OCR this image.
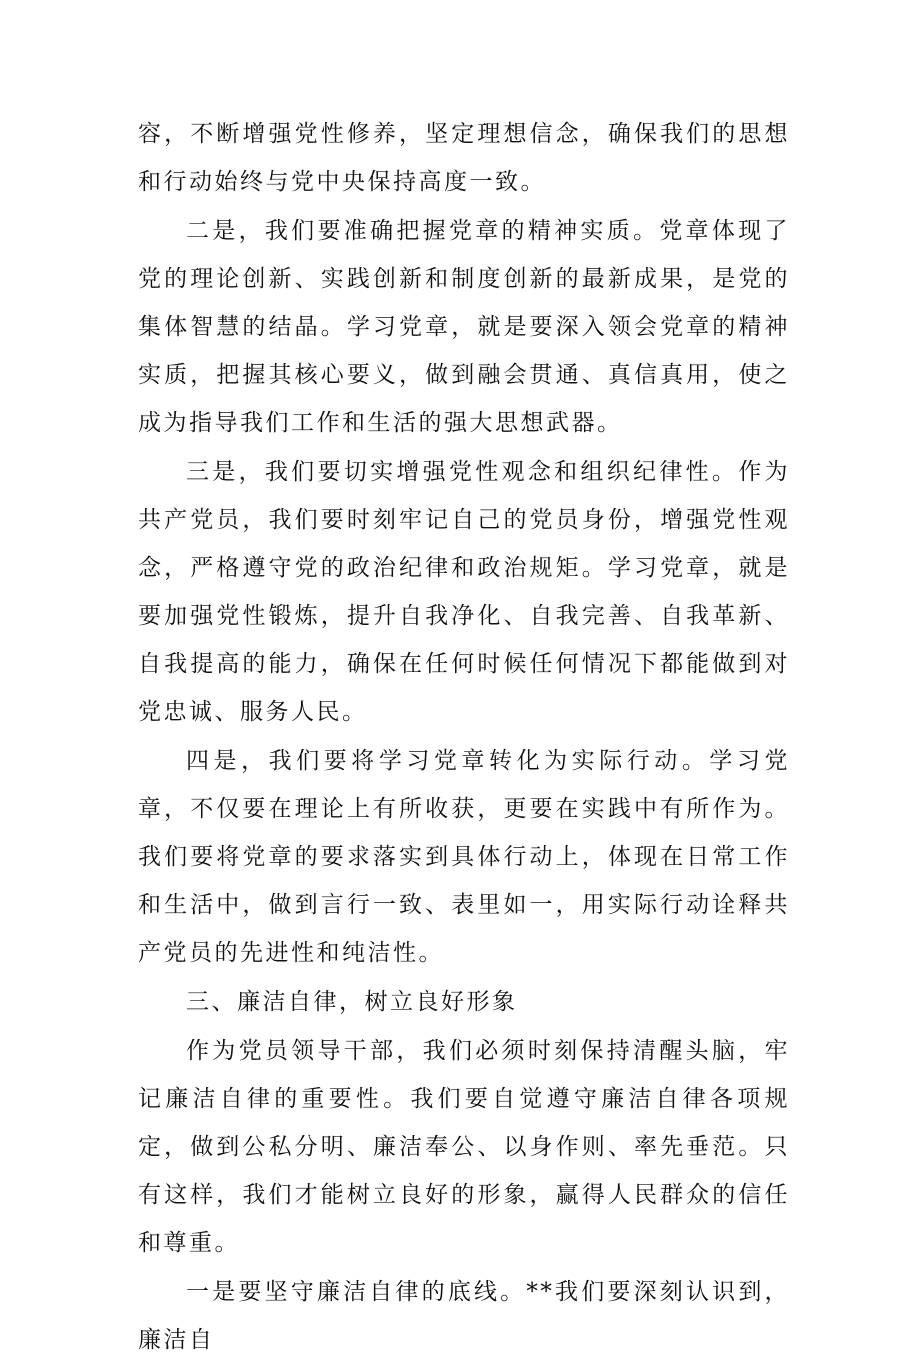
容，不断增强党性修养，坚定理想信念，确保我们的思想和行动始终与党中央保持高度一致。

二是，我们要准确把握党章的精神实质。党章体现了党的理论创新、实践创新和制度创新的最新成果，是党的集体智慧的结晶。学习党章，就是要深入领会党章的精神实质，把握其核心要义，做到融会贯通、真信真用，使之成为指导我们工作和生活的强大思想武器。

三是，我们要切实增强党性观念和组织纪律性。作为共产党员，我们要时刻牢记自己的党员身份，增强党性观念，严格遵守党的政治纪律和政治规矩。学习党章，就是要加强党性锻炼，提升自我净化、自我完善、自我革新、自我提高的能力，确保在任何时候任何情况下都能做到对党忠诚、服务人民。

四是，我们要将学习党章转化为实际行动。学习党章，不仅要在理论上有所收获，更要在实践中有所作为。我们要将党章的要求落实到具体行动上，体现在日常工作和生活中，做到言行一致、表里如一，用实际行动诠释共产党员的先进性和纯洁性。

三、廉洁自律，树立良好形象

作为党员领导干部，我们必须时刻保持清醒头脑，牢记廉洁自律的重要性。我们要自觉遵守廉洁自律各项规定，做到公私分明、廉洁奉公、以身作则、率先垂范。只有这样，我们才能树立良好的形象，赢得人民群众的信任和尊重。

一是要坚守廉洁自律的底线。**我们要深刻认识到，廉洁自
